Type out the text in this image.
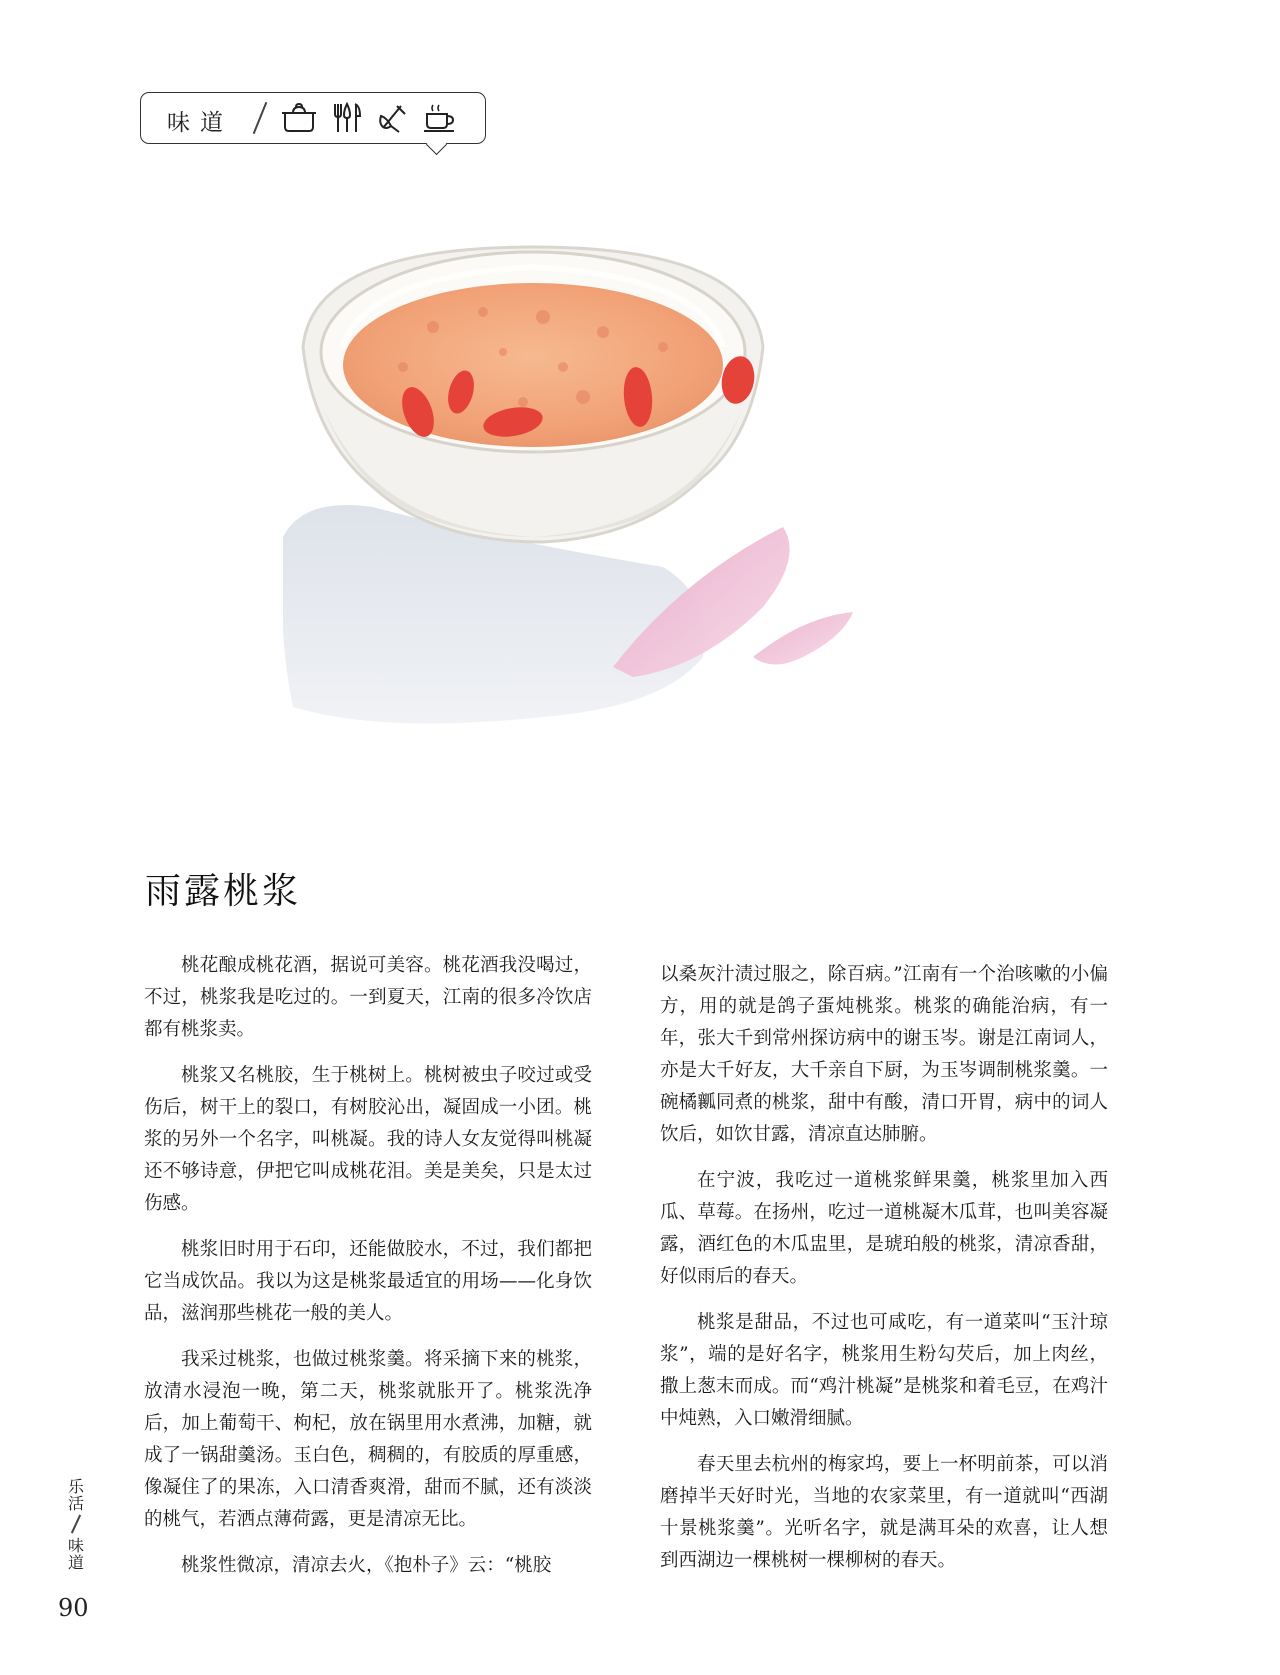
味道
雨露桃浆

桃花酿成桃花酒，据说可美容。桃花酒我没喝过，不过，桃浆我是吃过的。一到夏天，江南的很多冷饮店都有桃浆卖。

桃浆又名桃胶，生于桃树上。桃树被虫子咬过或受伤后，树干上的裂口，有树胶沁出，凝固成一小团。桃浆的另外一个名字，叫桃凝。我的诗人女友觉得叫桃凝还不够诗意，伊把它叫成桃花泪。美是美矣，只是太过伤感。

桃浆旧时用于石印，还能做胶水，不过，我们都把它当成饮品。我以为这是桃浆最适宜的用场——化身饮品，滋润那些桃花一般的美人。

我采过桃浆，也做过桃浆羹。将采摘下来的桃浆，放清水浸泡一晚，第二天，桃浆就胀开了。桃浆洗净后，加上葡萄干、枸杞，放在锅里用水煮沸，加糖，就成了一锅甜羹汤。玉白色，稠稠的，有胶质的厚重感，像凝住了的果冻，入口清香爽滑，甜而不腻，还有淡淡的桃气，若洒点薄荷露，更是清凉无比。

桃浆性微凉，清凉去火，《抱朴子》云：“桃胶

以桑灰汁渍过服之，除百病。”江南有一个治咳嗽的小偏方，用的就是鸽子蛋炖桃浆。桃浆的确能治病，有一年，张大千到常州探访病中的谢玉岑。谢是江南词人，亦是大千好友，大千亲自下厨，为玉岑调制桃浆羹。一碗橘瓤同煮的桃浆，甜中有酸，清口开胃，病中的词人饮后，如饮甘露，清凉直达肺腑。

在宁波，我吃过一道桃浆鲜果羹，桃浆里加入西瓜、草莓。在扬州，吃过一道桃凝木瓜茸，也叫美容凝露，酒红色的木瓜盅里，是琥珀般的桃浆，清凉香甜，好似雨后的春天。

桃浆是甜品，不过也可咸吃，有一道菜叫“玉汁琼浆”，端的是好名字，桃浆用生粉勾芡后，加上肉丝，撒上葱末而成。而“鸡汁桃凝”是桃浆和着毛豆，在鸡汁中炖熟，入口嫩滑细腻。

春天里去杭州的梅家坞，要上一杯明前茶，可以消磨掉半天好时光，当地的农家菜里，有一道就叫“西湖十景桃浆羹”。光听名字，就是满耳朵的欢喜，让人想到西湖边一棵桃树一棵柳树的春天。

乐
活
味
道
90
